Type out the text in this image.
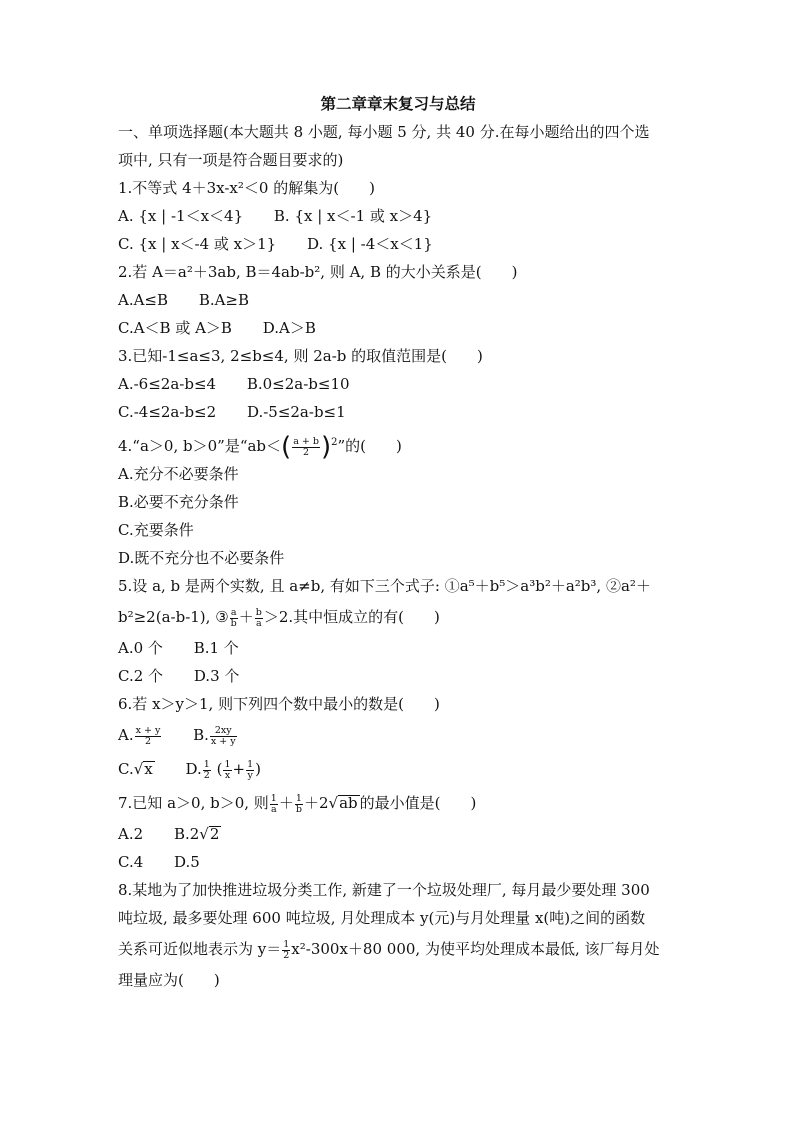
第二章章末复习与总结
一、单项选择题(本大题共 8 小题, 每小题 5 分, 共 40 分.在每小题给出的四个选
项中, 只有一项是符合题目要求的)
1.不等式 4＋3x-x²＜0 的解集为(　　)
A. {x | -1＜x＜4} B. {x | x＜-1 或 x＞4}
C. {x | x＜-4 或 x＞1} D. {x | -4＜x＜1}
2.若 A＝a²＋3ab, B＝4ab-b², 则 A, B 的大小关系是(　　)
A.A≤B B.A≥B
C.A＜B 或 A＞B D.A＞B
3.已知-1≤a≤3, 2≤b≤4, 则 2a-b 的取值范围是(　　)
A.-6≤2a-b≤4 B.0≤2a-b≤10
C.-4≤2a-b≤2 D.-5≤2a-b≤1
4.“a＞0, b＞0”是“$ab<( \frac{a + b}{2} )^2$”的(　　)
A.充分不必要条件
B.必要不充分条件
C.充要条件
D.既不充分也不必要条件
5.设 a, b 是两个实数, 且 a≠b, 有如下三个式子: ①a⁵＋b⁵＞a³b²＋a²b³, ②a²＋
b²≥2(a-b-1), ③ $\frac{a}{b} + \frac{b}{a} >2$.其中恒成立的有(　　)
A.0 个 B.1 个
C.2 个 D.3 个
6.若 x＞y＞1, 则下列四个数中最小的数是(　　)
A. $\frac{x + y}{2} B$. $\frac{2xy}{x + y}$
C.√x D. $\frac{1}{2}$ ( $\frac{1}{x} + \frac{1}{y}$ )
7.已知 a＞0, b＞0, 则 $\frac{1}{a} + \frac{1}{b} +2√ab$ 的最小值是(　　)
A.2 B.2√2
C.4 D.5
8.某地为了加快推进垃圾分类工作, 新建了一个垃圾处理厂, 每月最少要处理 300
吨垃圾, 最多要处理 600 吨垃圾, 月处理成本 y(元)与月处理量 x(吨)之间的函数
关系可近似地表示为 $y= \frac{1}{2} x^2-300x+80$ 000, 为使平均处理成本最低, 该厂每月处
理量应为(　　)
